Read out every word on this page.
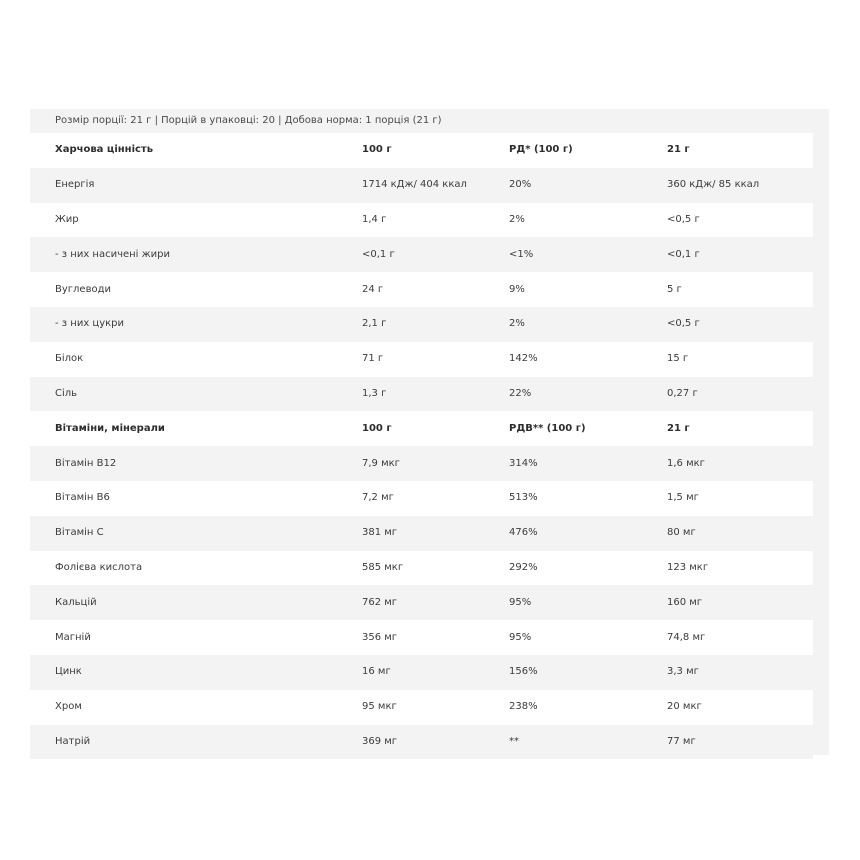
Розмір порції: 21 г | Порцій в упаковці: 20 | Добова норма: 1 порція (21 г)
Харчова цінність	100 г	РД* (100 г)	21 г
Енергія	1714 кДж/ 404 ккал	20%	360 кДж/ 85 ккал
Жир	1,4 г	2%	<0,5 г
- з них насичені жири	<0,1 г	<1%	<0,1 г
Вуглеводи	24 г	9%	5 г
- з них цукри	2,1 г	2%	<0,5 г
Білок	71 г	142%	15 г
Сіль	1,3 г	22%	0,27 г
Вітаміни, мінерали	100 г	РДВ** (100 г)	21 г
Вітамін В12	7,9 мкг	314%	1,6 мкг
Вітамін В6	7,2 мг	513%	1,5 мг
Вітамін С	381 мг	476%	80 мг
Фолієва кислота	585 мкг	292%	123 мкг
Кальцій	762 мг	95%	160 мг
Магній	356 мг	95%	74,8 мг
Цинк	16 мг	156%	3,3 мг
Хром	95 мкг	238%	20 мкг
Натрій	369 мг	**	77 мг
